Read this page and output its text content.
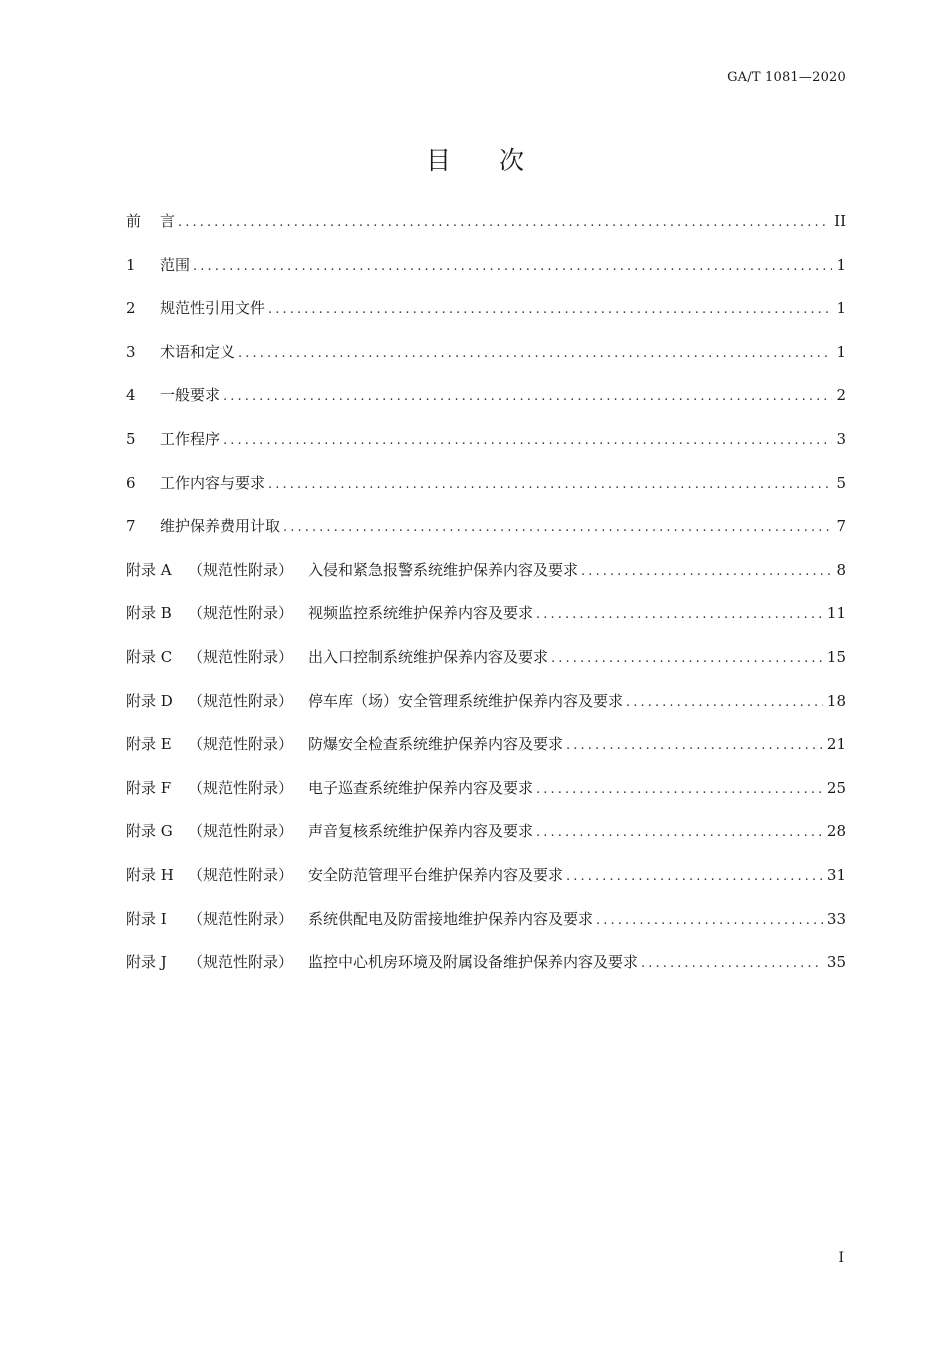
GA/T 1081—2020
目 次
前 言 .....	II
1 范围 .....	1
2 规范性引用文件 .....	1
3 术语和定义 .....	1
4 一般要求 .....	2
5 工作程序 .....	3
6 工作内容与要求 .....	5
7 维护保养费用计取 .....	7
附录 A （规范性附录） 入侵和紧急报警系统维护保养内容及要求 .....	8
附录 B （规范性附录） 视频监控系统维护保养内容及要求 .....	11
附录 C （规范性附录） 出入口控制系统维护保养内容及要求 .....	15
附录 D （规范性附录） 停车库（场）安全管理系统维护保养内容及要求 .....	18
附录 E （规范性附录） 防爆安全检查系统维护保养内容及要求 .....	21
附录 F （规范性附录） 电子巡查系统维护保养内容及要求 .....	25
附录 G （规范性附录） 声音复核系统维护保养内容及要求 .....	28
附录 H （规范性附录） 安全防范管理平台维护保养内容及要求 .....	31
附录 I （规范性附录） 系统供配电及防雷接地维护保养内容及要求 .....	33
附录 J （规范性附录） 监控中心机房环境及附属设备维护保养内容及要求 .....	35
I
